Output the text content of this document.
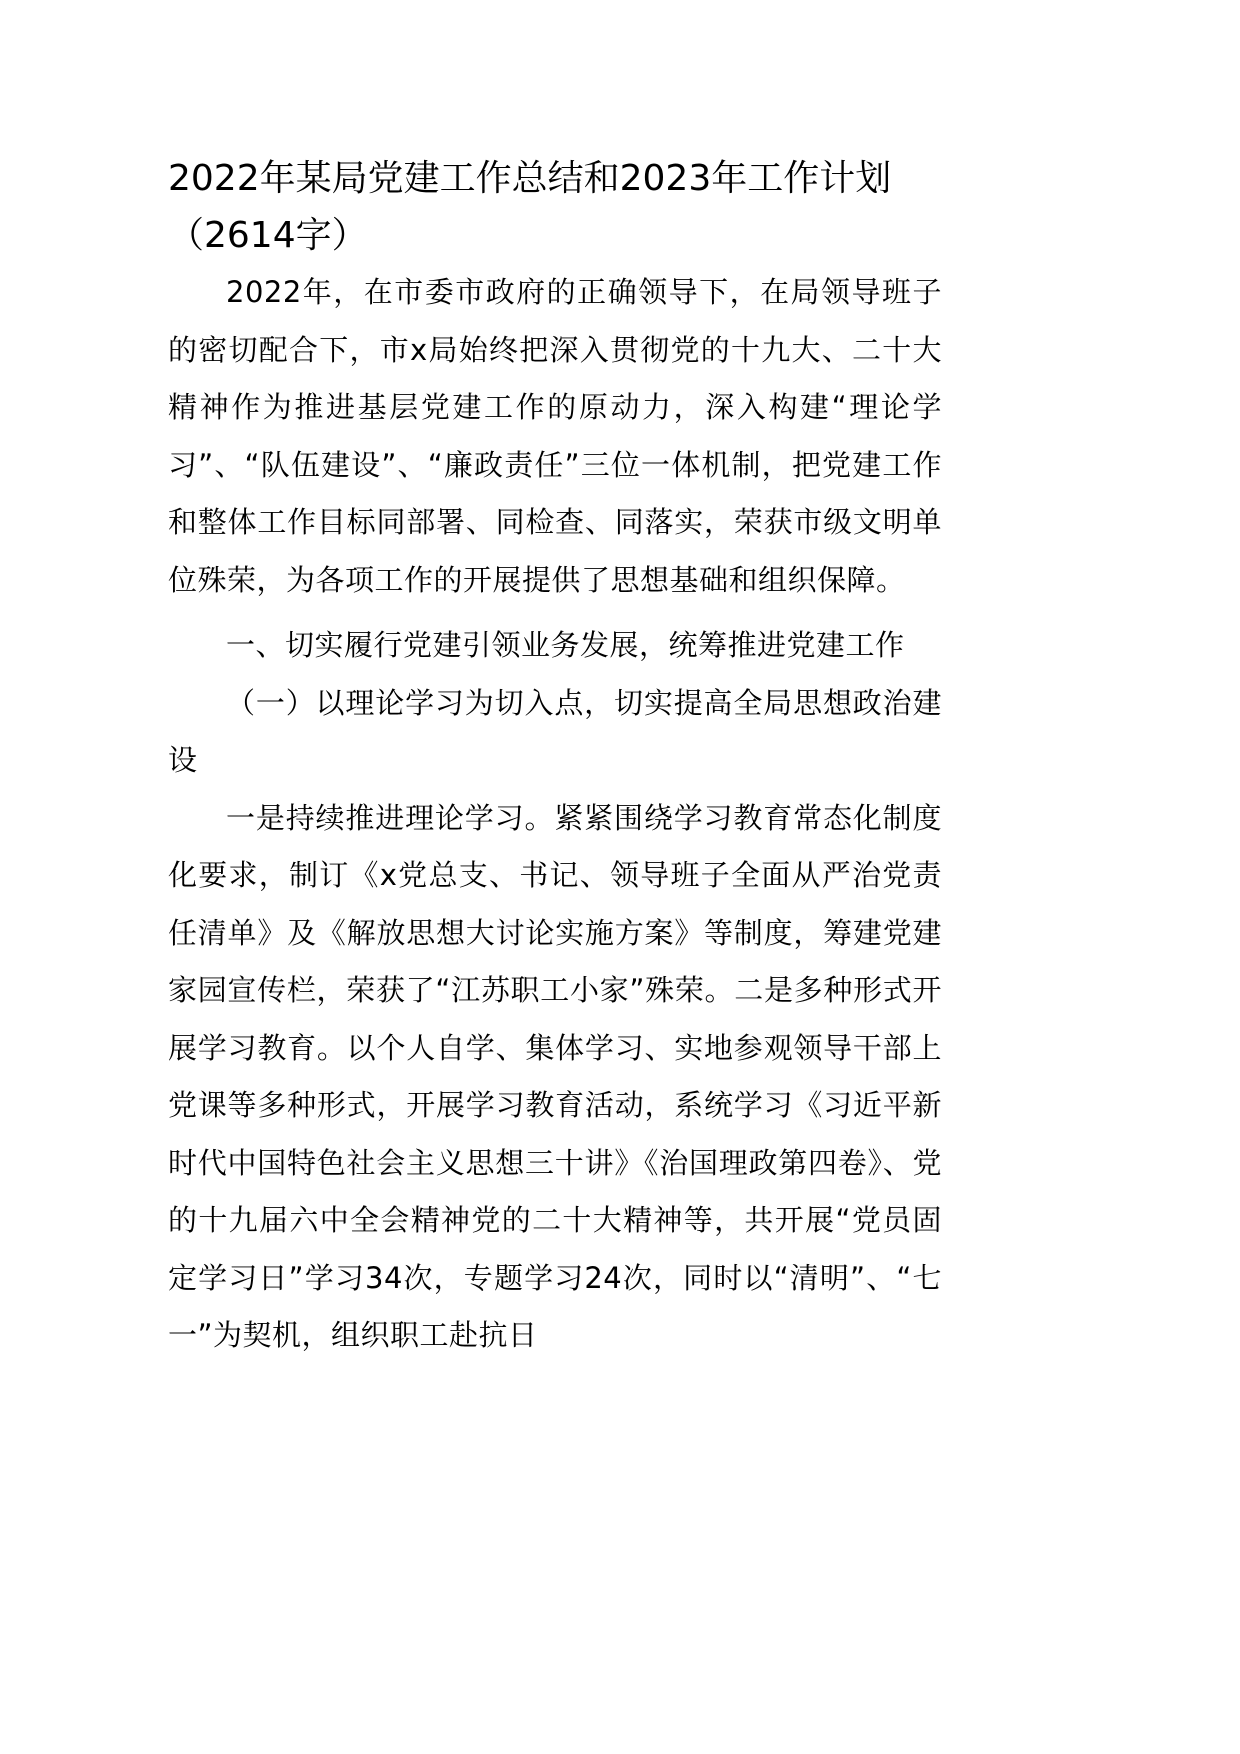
2022年某局党建工作总结和2023年工作计划（2614字）

2022年，在市委市政府的正确领导下，在局领导班子的密切配合下，市x局始终把深入贯彻党的十九大、二十大精神作为推进基层党建工作的原动力，深入构建“理论学习”、“队伍建设”、“廉政责任”三位一体机制，把党建工作和整体工作目标同部署、同检查、同落实，荣获市级文明单位殊荣，为各项工作的开展提供了思想基础和组织保障。

一、切实履行党建引领业务发展，统筹推进党建工作

（一）以理论学习为切入点，切实提高全局思想政治建设

一是持续推进理论学习。紧紧围绕学习教育常态化制度化要求，制订《x党总支、书记、领导班子全面从严治党责任清单》及《解放思想大讨论实施方案》等制度，筹建党建家园宣传栏，荣获了“江苏职工小家”殊荣。二是多种形式开展学习教育。以个人自学、集体学习、实地参观领导干部上党课等多种形式，开展学习教育活动，系统学习《习近平新时代中国特色社会主义思想三十讲》《治国理政第四卷》、党的十九届六中全会精神党的二十大精神等，共开展“党员固定学习日”学习34次，专题学习24次，同时以“清明”、“七一”为契机，组织职工赴抗日
